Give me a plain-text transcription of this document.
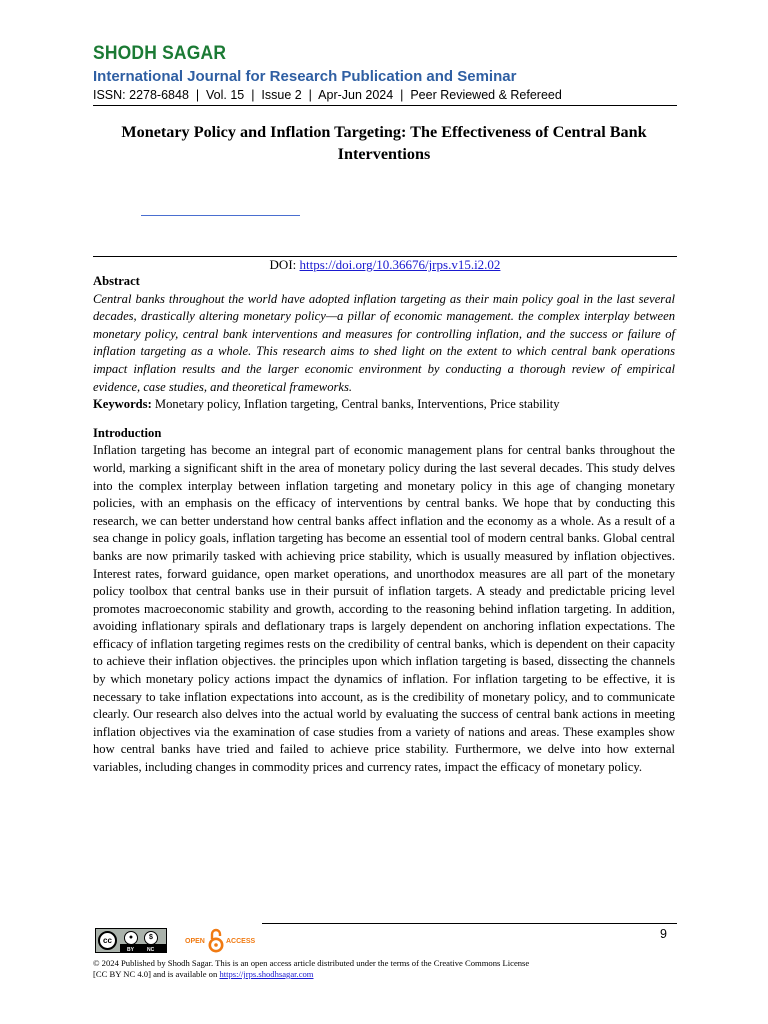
SHODH SAGAR
International Journal for Research Publication and Seminar
ISSN: 2278-6848  |  Vol. 15  |  Issue 2  |  Apr-Jun 2024  |  Peer Reviewed & Refereed
Monetary Policy and Inflation Targeting: The Effectiveness of Central Bank Interventions
DOI: https://doi.org/10.36676/jrps.v15.i2.02

Abstract

Central banks throughout the world have adopted inflation targeting as their main policy goal in the last several decades, drastically altering monetary policy—a pillar of economic management. the complex interplay between monetary policy, central bank interventions and measures for controlling inflation, and the success or failure of inflation targeting as a whole. This research aims to shed light on the extent to which central bank operations impact inflation results and the larger economic environment by conducting a thorough review of empirical evidence, case studies, and theoretical frameworks.

Keywords: Monetary policy, Inflation targeting, Central banks, Interventions, Price stability

Introduction

Inflation targeting has become an integral part of economic management plans for central banks throughout the world, marking a significant shift in the area of monetary policy during the last several decades. This study delves into the complex interplay between inflation targeting and monetary policy in this age of changing monetary policies, with an emphasis on the efficacy of interventions by central banks. We hope that by conducting this research, we can better understand how central banks affect inflation and the economy as a whole. As a result of a sea change in policy goals, inflation targeting has become an essential tool of modern central banks. Global central banks are now primarily tasked with achieving price stability, which is usually measured by inflation objectives. Interest rates, forward guidance, open market operations, and unorthodox measures are all part of the monetary policy toolbox that central banks use in their pursuit of inflation targets. A steady and predictable pricing level promotes macroeconomic stability and growth, according to the reasoning behind inflation targeting. In addition, avoiding inflationary spirals and deflationary traps is largely dependent on anchoring inflation expectations. The efficacy of inflation targeting regimes rests on the credibility of central banks, which is dependent on their capacity to achieve their inflation objectives. the principles upon which inflation targeting is based, dissecting the channels by which monetary policy actions impact the dynamics of inflation. For inflation targeting to be effective, it is necessary to take inflation expectations into account, as is the credibility of monetary policy, and to communicate clearly. Our research also delves into the actual world by evaluating the success of central bank actions in meeting inflation objectives via the examination of case studies from a variety of nations and areas. These examples show how central banks have tried and failed to achieve price stability. Furthermore, we delve into how external variables, including changes in commodity prices and currency rates, impact the efficacy of monetary policy.

9
cc	●	$
BY	NC
OPEN	ACCESS
© 2024 Published by Shodh Sagar. This is an open access article distributed under the terms of the Creative Commons License
[CC BY NC 4.0] and is available on https://jrps.shodhsagar.com
